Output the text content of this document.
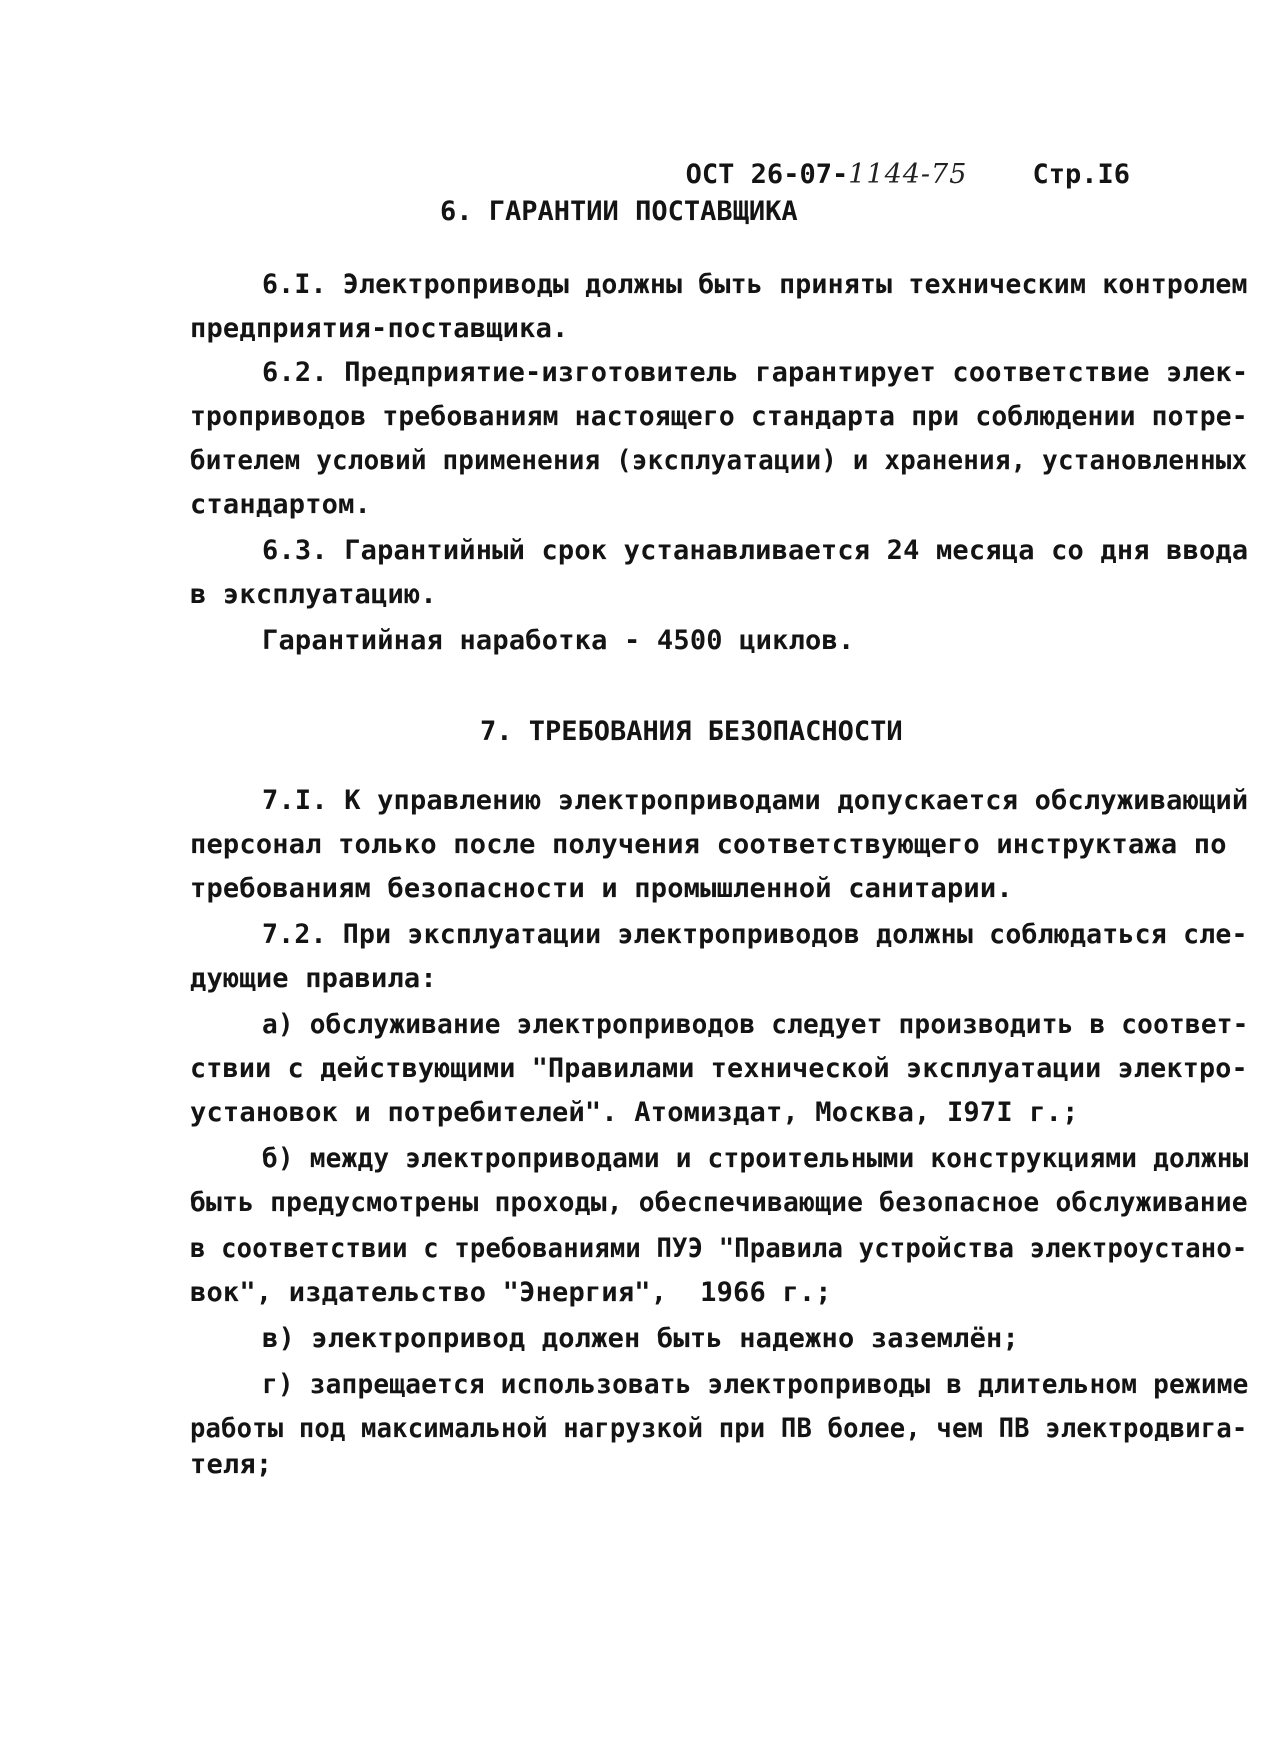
ОСТ 26-07-1144-75 Стр.I6

6. ГАРАНТИИ ПОСТАВЩИКА
6.I. Электроприводы должны быть приняты техническим контролем
предприятия-поставщика.
6.2. Предприятие-изготовитель гарантирует соответствие элек-
троприводов требованиям настоящего стандарта при соблюдении потре-
бителем условий применения (эксплуатации) и хранения, установленных
стандартом.
6.3. Гарантийный срок устанавливается 24 месяца со дня ввода
в эксплуатацию.
Гарантийная наработка - 4500 циклов.
7. ТРЕБОВАНИЯ БЕЗОПАСНОСТИ
7.I. К управлению электроприводами допускается обслуживающий
персонал только после получения соответствующего инструктажа по
требованиям безопасности и промышленной санитарии.
7.2. При эксплуатации электроприводов должны соблюдаться сле-
дующие правила:
а) обслуживание электроприводов следует производить в соответ-
ствии с действующими "Правилами технической эксплуатации электро-
установок и потребителей". Атомиздат, Москва, I97I г.;
б) между электроприводами и строительными конструкциями должны
быть предусмотрены проходы, обеспечивающие безопасное обслуживание
в соответствии с требованиями ПУЭ "Правила устройства электроустано-
вок", издательство "Энергия",  1966 г.;
в) электропривод должен быть надежно заземлён;
г) запрещается использовать электроприводы в длительном режиме
работы под максимальной нагрузкой при ПВ более, чем ПВ электродвига-
теля;
